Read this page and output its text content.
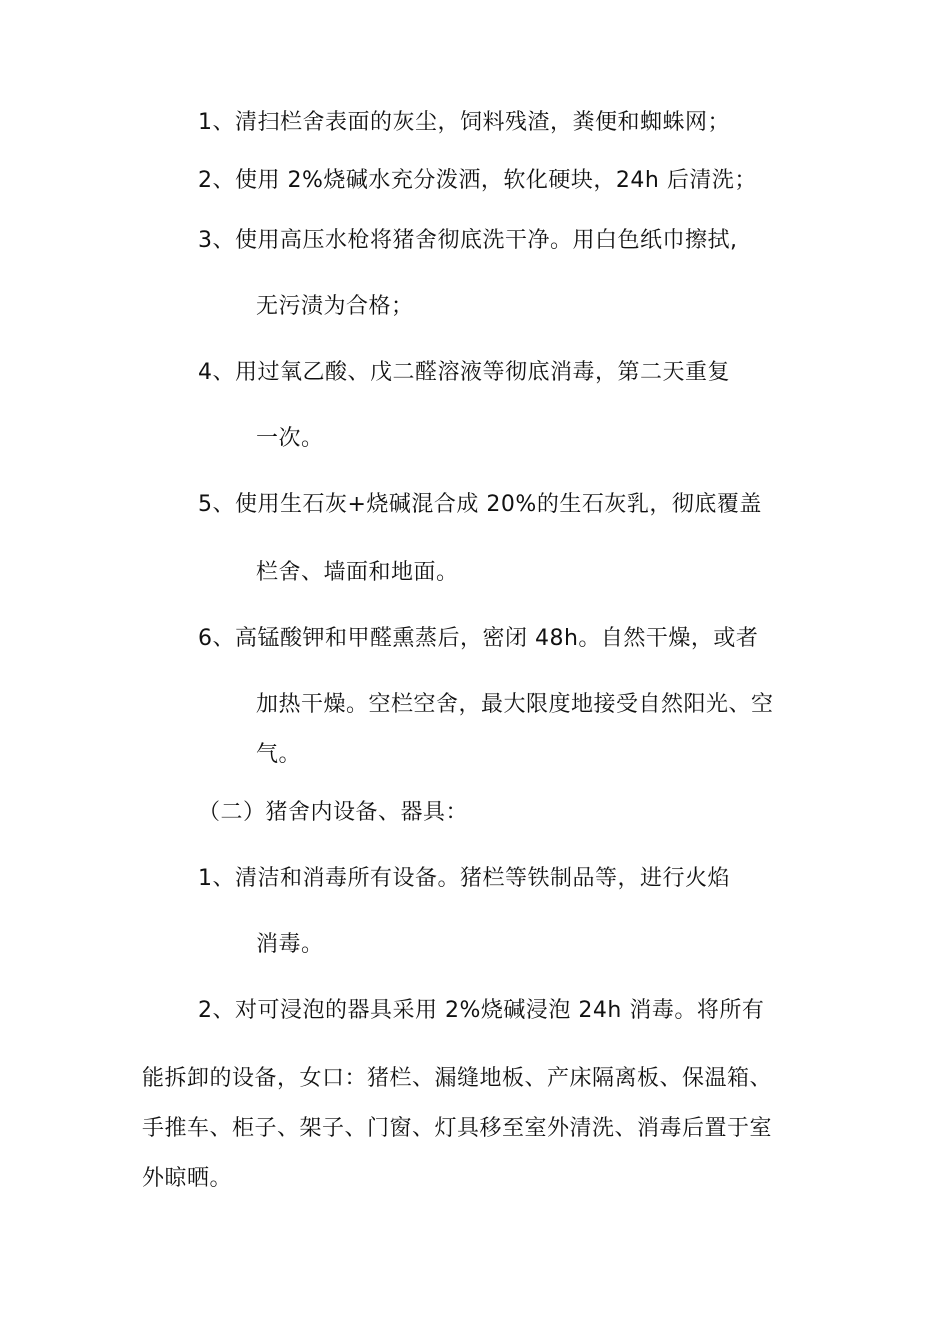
1、清扫栏舍表面的灰尘，饲料残渣，粪便和蜘蛛网；
2、使用 2%烧碱水充分泼洒，软化硬块，24h 后清洗；
3、使用高压水枪将猪舍彻底洗干净。用白色纸巾擦拭,
无污渍为合格；
4、用过氧乙酸、戊二醛溶液等彻底消毒，第二天重复
一次。
5、使用生石灰+烧碱混合成 20%的生石灰乳，彻底覆盖
栏舍、墙面和地面。
6、高锰酸钾和甲醛熏蒸后，密闭 48h。自然干燥，或者
加热干燥。空栏空舍，最大限度地接受自然阳光、空
气。
（二）猪舍内设备、器具：
1、清洁和消毒所有设备。猪栏等铁制品等，进行火焰
消毒。
2、对可浸泡的器具采用 2%烧碱浸泡 24h 消毒。将所有
能拆卸的设备，女口：猪栏、漏缝地板、产床隔离板、保温箱、
手推车、柜子、架子、门窗、灯具移至室外清洗、消毒后置于室
外晾晒。
